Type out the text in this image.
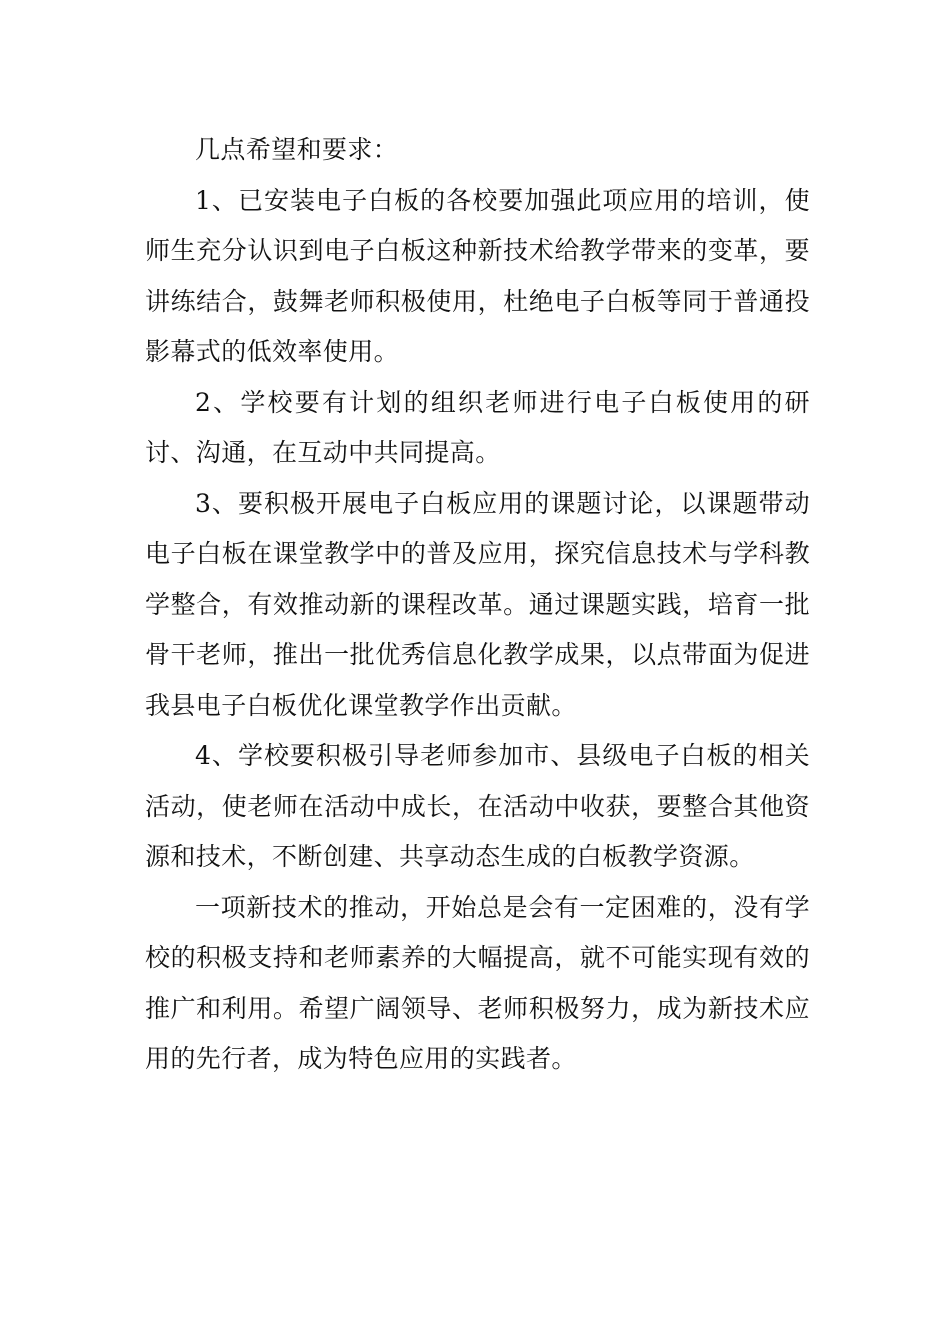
几点希望和要求：

1、已安装电子白板的各校要加强此项应用的培训，使师生充分认识到电子白板这种新技术给教学带来的变革，要讲练结合，鼓舞老师积极使用，杜绝电子白板等同于普通投影幕式的低效率使用。

2、学校要有计划的组织老师进行电子白板使用的研讨、沟通，在互动中共同提高。

3、要积极开展电子白板应用的课题讨论，以课题带动电子白板在课堂教学中的普及应用，探究信息技术与学科教学整合，有效推动新的课程改革。通过课题实践，培育一批骨干老师，推出一批优秀信息化教学成果，以点带面为促进我县电子白板优化课堂教学作出贡献。

4、学校要积极引导老师参加市、县级电子白板的相关活动，使老师在活动中成长，在活动中收获，要整合其他资源和技术，不断创建、共享动态生成的白板教学资源。

一项新技术的推动，开始总是会有一定困难的，没有学校的积极支持和老师素养的大幅提高，就不可能实现有效的推广和利用。希望广阔领导、老师积极努力，成为新技术应用的先行者，成为特色应用的实践者。
